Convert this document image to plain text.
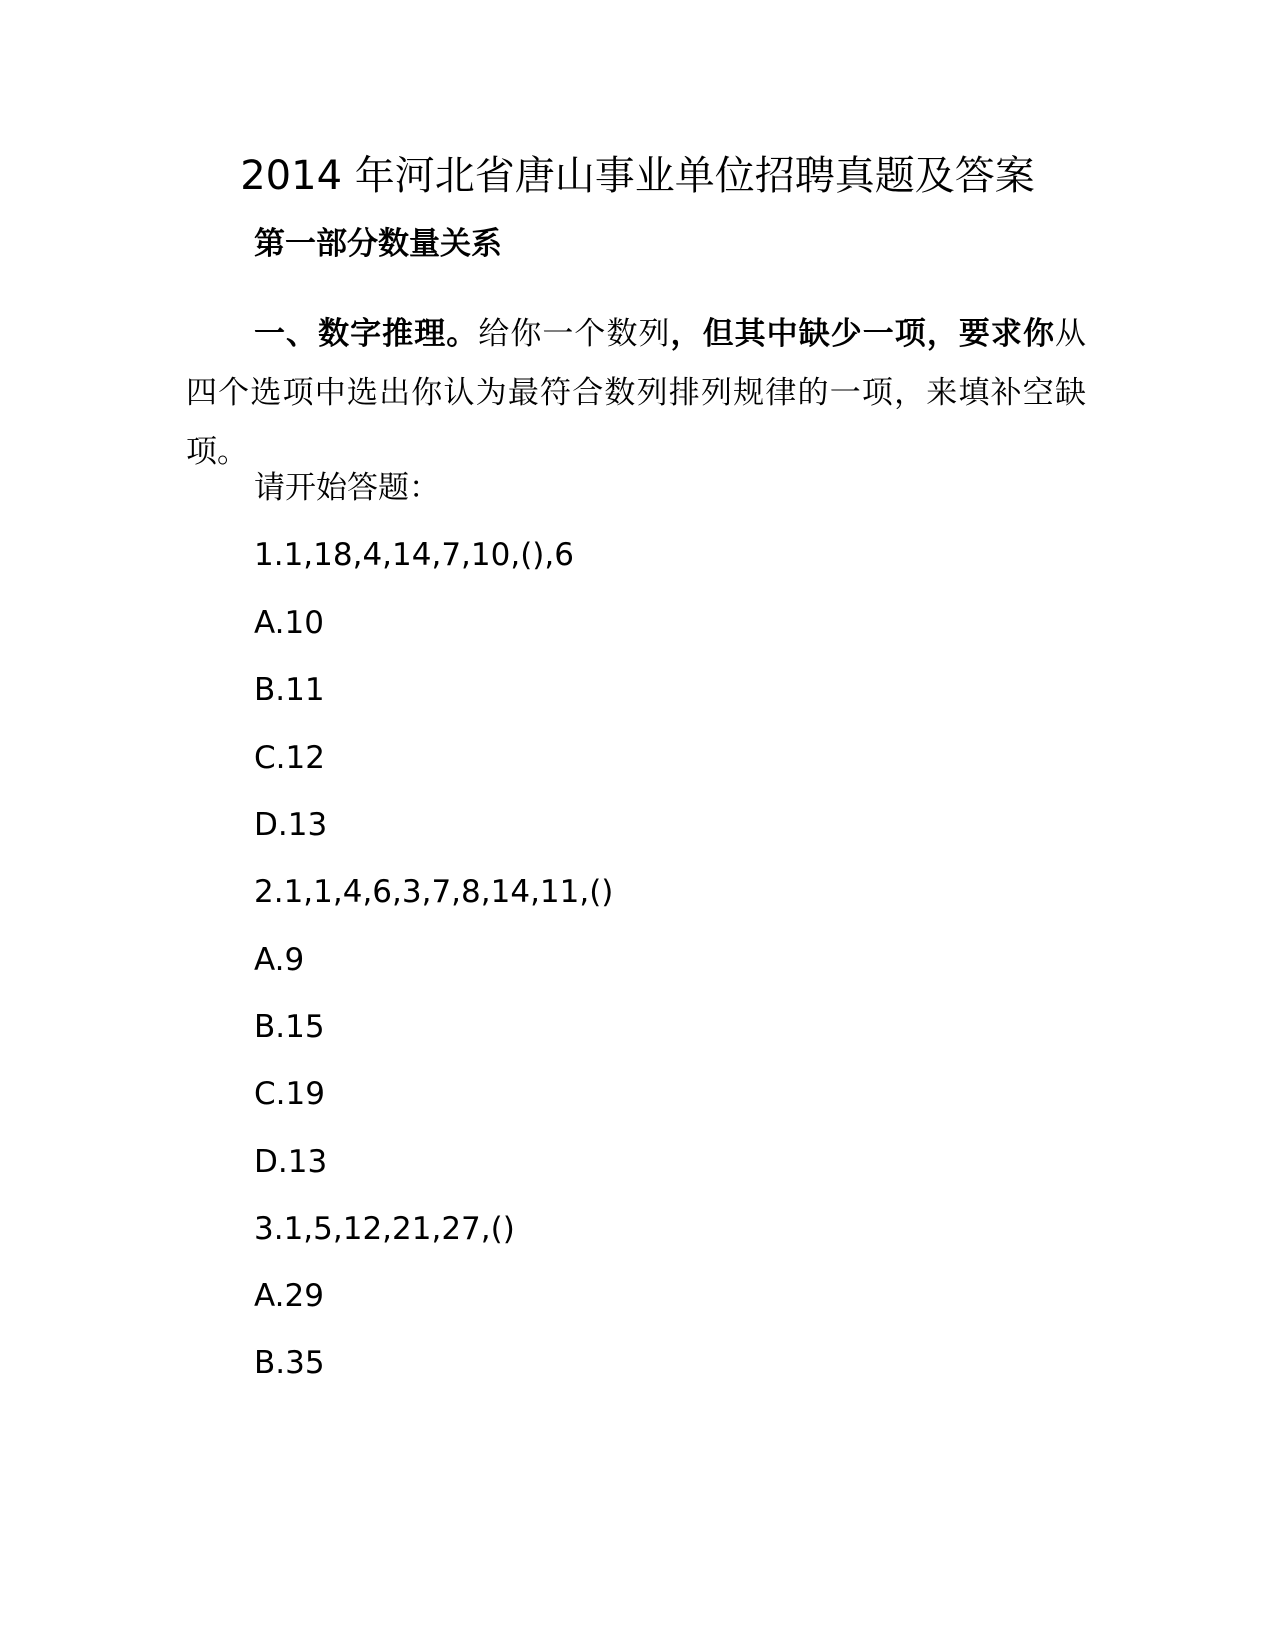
2014 年河北省唐山事业单位招聘真题及答案

第一部分数量关系

一、数字推理。给你一个数列，但其中缺少一项，要求你从四个选项中选出你认为最符合数列排列规律的一项，来填补空缺项。

请开始答题：

1.1,18,4,14,7,10,(),6

A.10

B.11

C.12

D.13

2.1,1,4,6,3,7,8,14,11,()

A.9

B.15

C.19

D.13

3.1,5,12,21,27,()

A.29

B.35
